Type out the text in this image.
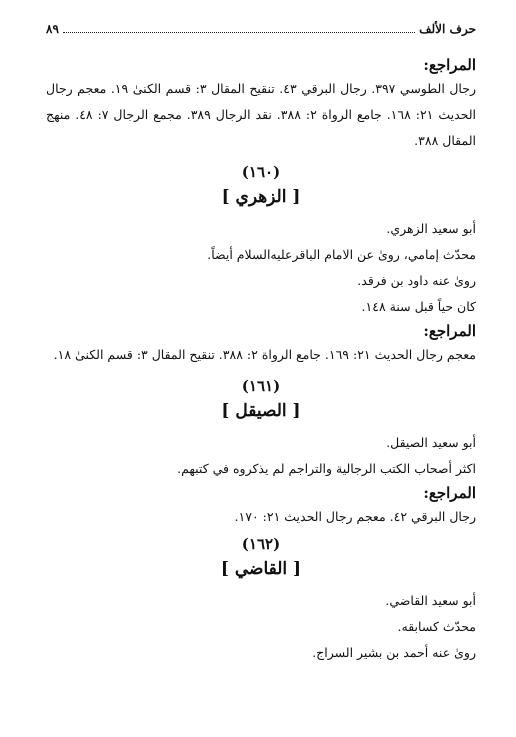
حرف الألف
٨٩
المراجع:
رجال الطوسي ٣٩٧. رجال البرقي ٤٣. تنقيح المقال ٣: قسم الكنىٰ ١٩. معجم رجال الحديث ٢١: ١٦٨. جامع الرواة ٢: ٣٨٨. نقد الرجال ٣٨٩. مجمع الرجال ٧: ٤٨. منهج المقال ٣٨٨.
(١٦٠)
[ الزهري ]
أبو سعيد الزهري.
محدّث إمامي، روىٰ عن الامام الباقرعليه‌السلام أيضاً.
روىٰ عنه داود بن فرقد.
كان حياً قبل سنة ١٤٨.
المراجع:
معجم رجال الحديث ٢١: ١٦٩. جامع الرواة ٢: ٣٨٨. تنقيح المقال ٣: قسم الكنىٰ ١٨.
(١٦١)
[ الصيقل ]
أبو سعيد الصيقل.
اكثر أصحاب الكتب الرجالية والتراجم لم يذكروه في كتبهم.
المراجع:
رجال البرقي ٤٢. معجم رجال الحديث ٢١: ١٧٠.
(١٦٢)
[ القاضي ]
أبو سعيد القاضي.
محدّث كسابقه.
روىٰ عنه أحمد بن بشير السراج.
